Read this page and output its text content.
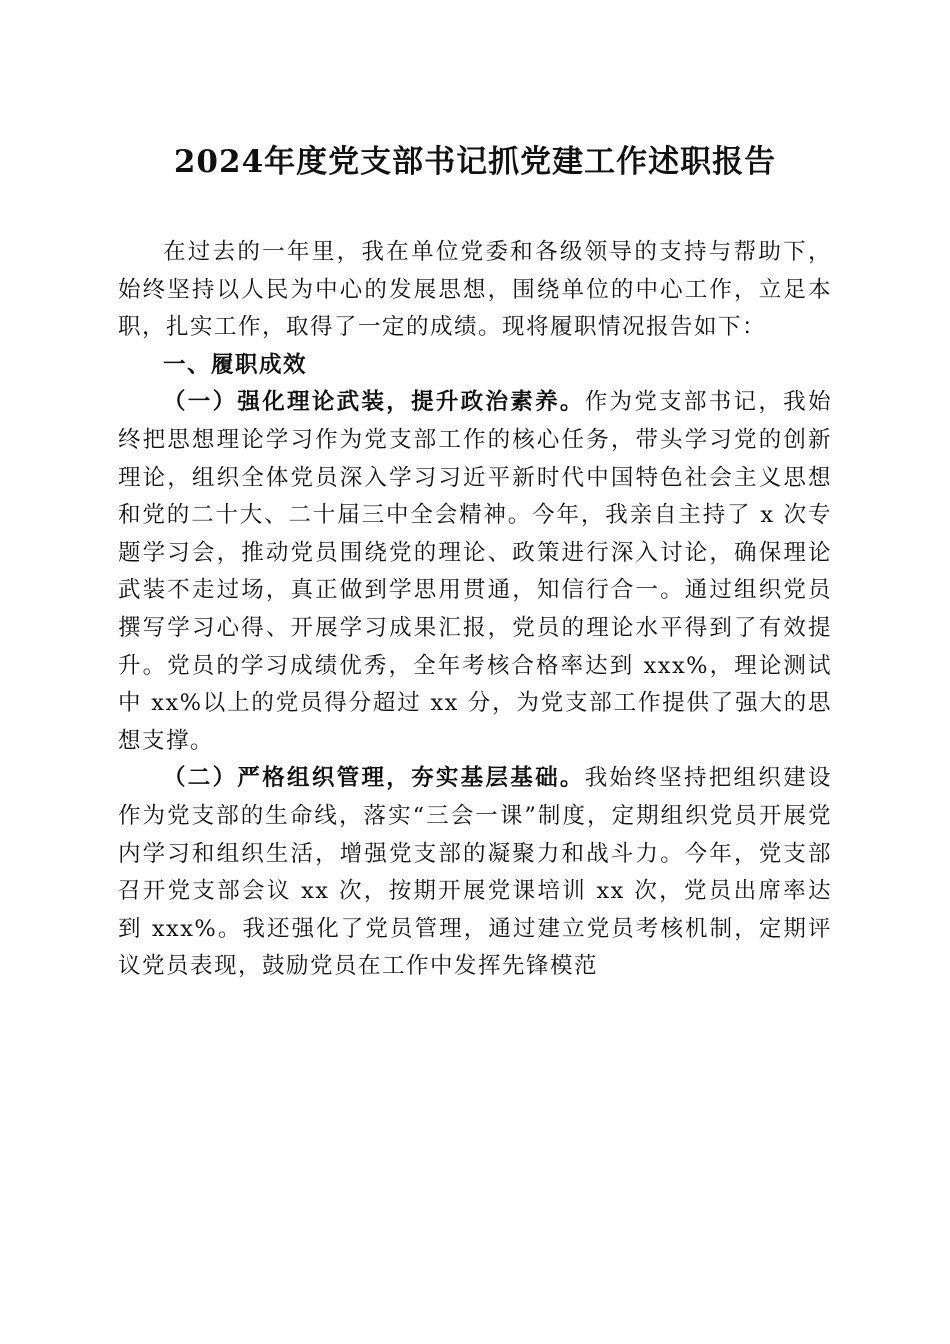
2024年度党支部书记抓党建工作述职报告

在过去的一年里，我在单位党委和各级领导的支持与帮助下，始终坚持以人民为中心的发展思想，围绕单位的中心工作，立足本职，扎实工作，取得了一定的成绩。现将履职情况报告如下：

一、履职成效

（一）强化理论武装，提升政治素养。作为党支部书记，我始终把思想理论学习作为党支部工作的核心任务，带头学习党的创新理论，组织全体党员深入学习习近平新时代中国特色社会主义思想和党的二十大、二十届三中全会精神。今年，我亲自主持了 x 次专题学习会，推动党员围绕党的理论、政策进行深入讨论，确保理论武装不走过场，真正做到学思用贯通，知信行合一。通过组织党员撰写学习心得、开展学习成果汇报，党员的理论水平得到了有效提升。党员的学习成绩优秀，全年考核合格率达到 xxx%，理论测试中 xx%以上的党员得分超过 xx 分，为党支部工作提供了强大的思想支撑。

（二）严格组织管理，夯实基层基础。我始终坚持把组织建设作为党支部的生命线，落实“三会一课”制度，定期组织党员开展党内学习和组织生活，增强党支部的凝聚力和战斗力。今年，党支部召开党支部会议 xx 次，按期开展党课培训 xx 次，党员出席率达到 xxx%。我还强化了党员管理，通过建立党员考核机制，定期评议党员表现，鼓励党员在工作中发挥先锋模范
